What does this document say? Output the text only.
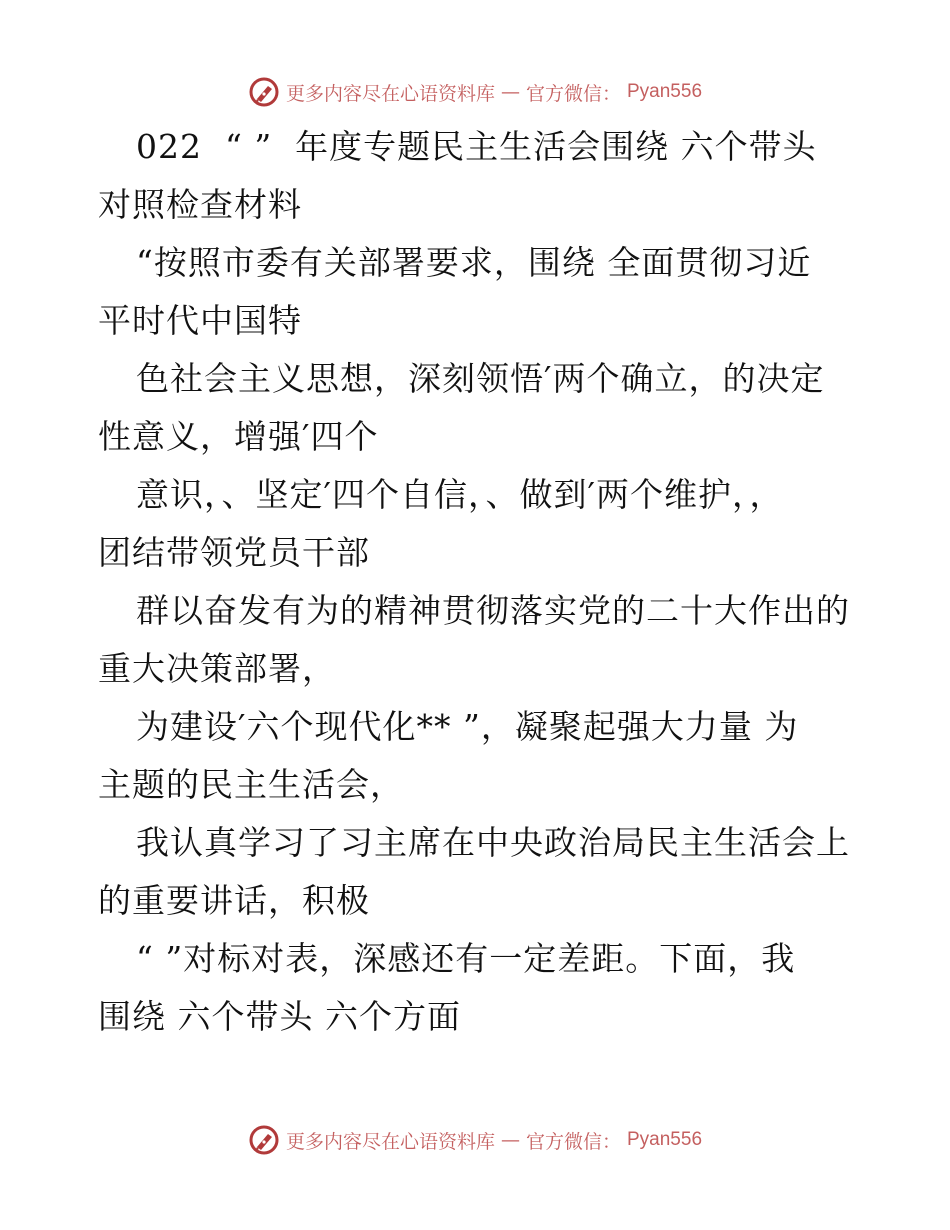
更多内容尽在心语资料库 — 官方微信： Pyan556
022  “ ”  年度专题民主生活会围绕 六个带头
对照检查材料
“按照市委有关部署要求，围绕 全面贯彻习近
平时代中国特
色社会主义思想，深刻领悟′两个确立，的决定
性意义，增强′四个
意识，、坚定′四个自信，、做到′两个维护，，
团结带领党员干部
群以奋发有为的精神贯彻落实党的二十大作出的
重大决策部署，
为建设′六个现代化** ”，凝聚起强大力量 为
主题的民主生活会，
我认真学习了习主席在中央政治局民主生活会上
的重要讲话，积极
“ ”对标对表，深感还有一定差距。下面，我
围绕 六个带头 六个方面
更多内容尽在心语资料库 — 官方微信： Pyan556
